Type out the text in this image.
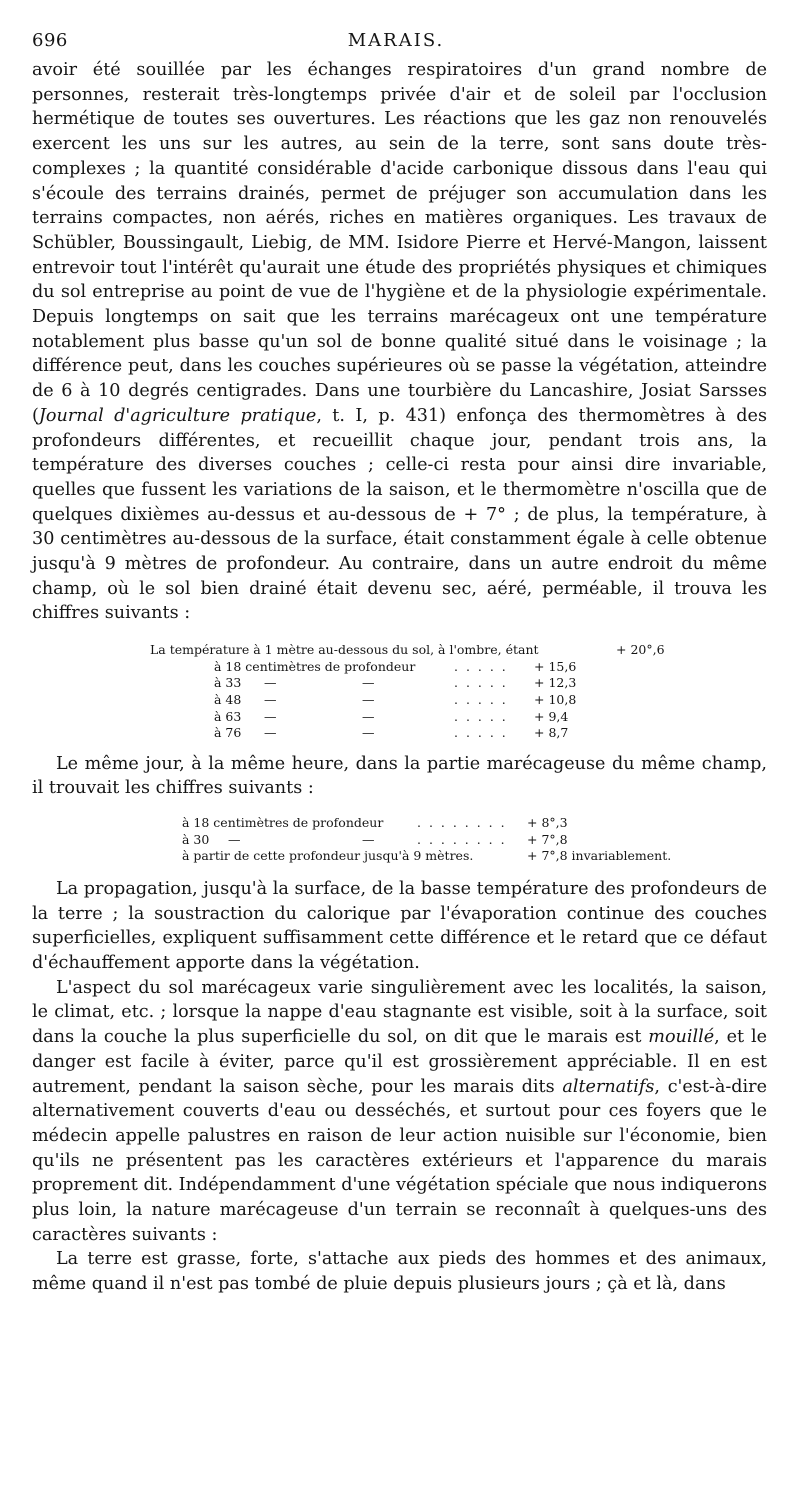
696	MARAIS.

avoir été souillée par les échanges respiratoires d'un grand nombre de personnes, resterait très-longtemps privée d'air et de soleil par l'occlusion hermétique de toutes ses ouvertures. Les réactions que les gaz non renouvelés exercent les uns sur les autres, au sein de la terre, sont sans doute très-complexes ; la quantité considérable d'acide carbonique dissous dans l'eau qui s'écoule des terrains drainés, permet de préjuger son accumulation dans les terrains compactes, non aérés, riches en matières organiques. Les travaux de Schübler, Boussingault, Liebig, de MM. Isidore Pierre et Hervé-Mangon, laissent entrevoir tout l'intérêt qu'aurait une étude des propriétés physiques et chimiques du sol entreprise au point de vue de l'hygiène et de la physiologie expérimentale. Depuis longtemps on sait que les terrains marécageux ont une température notablement plus basse qu'un sol de bonne qualité situé dans le voisinage ; la différence peut, dans les couches supérieures où se passe la végétation, atteindre de 6 à 10 degrés centigrades. Dans une tourbière du Lancashire, Josiat Sarsses (Journal d'agriculture pratique, t. I, p. 431) enfonça des thermomètres à des profondeurs différentes, et recueillit chaque jour, pendant trois ans, la température des diverses couches ; celle-ci resta pour ainsi dire invariable, quelles que fussent les variations de la saison, et le thermomètre n'oscilla que de quelques dixièmes au-dessus et au-dessous de + 7° ; de plus, la température, à 30 centimètres au-dessous de la surface, était constamment égale à celle obtenue jusqu'à 9 mètres de profondeur. Au contraire, dans un autre endroit du même champ, où le sol bien drainé était devenu sec, aéré, perméable, il trouva les chiffres suivants :

La température à 1 mètre au-dessous du sol, à l'ombre, étant	+ 20°,6
à 18 centimètres de profondeur	. . . . . + 15,6
à 33 —	—	. . . . . + 12,3
à 48 —	—	. . . . . + 10,8
à 63 —	—	. . . . . + 9,4
à 76 —	—	. . . . . + 8,7

Le même jour, à la même heure, dans la partie marécageuse du même champ, il trouvait les chiffres suivants :

à 18 centimètres de profondeur	. . . . . . . . + 8°,3
à 30 —	—	. . . . . . . . + 7°,8
à partir de cette profondeur jusqu'à 9 mètres.	+ 7°,8 invariablement.

La propagation, jusqu'à la surface, de la basse température des profondeurs de la terre ; la soustraction du calorique par l'évaporation continue des couches superficielles, expliquent suffisamment cette différence et le retard que ce défaut d'échauffement apporte dans la végétation.

L'aspect du sol marécageux varie singulièrement avec les localités, la saison, le climat, etc. ; lorsque la nappe d'eau stagnante est visible, soit à la surface, soit dans la couche la plus superficielle du sol, on dit que le marais est mouillé, et le danger est facile à éviter, parce qu'il est grossièrement appréciable. Il en est autrement, pendant la saison sèche, pour les marais dits alternatifs, c'est-à-dire alternativement couverts d'eau ou desséchés, et surtout pour ces foyers que le médecin appelle palustres en raison de leur action nuisible sur l'économie, bien qu'ils ne présentent pas les caractères extérieurs et l'apparence du marais proprement dit. Indépendamment d'une végétation spéciale que nous indiquerons plus loin, la nature marécageuse d'un terrain se reconnaît à quelques-uns des caractères suivants :

La terre est grasse, forte, s'attache aux pieds des hommes et des animaux, même quand il n'est pas tombé de pluie depuis plusieurs jours ; çà et là, dans
